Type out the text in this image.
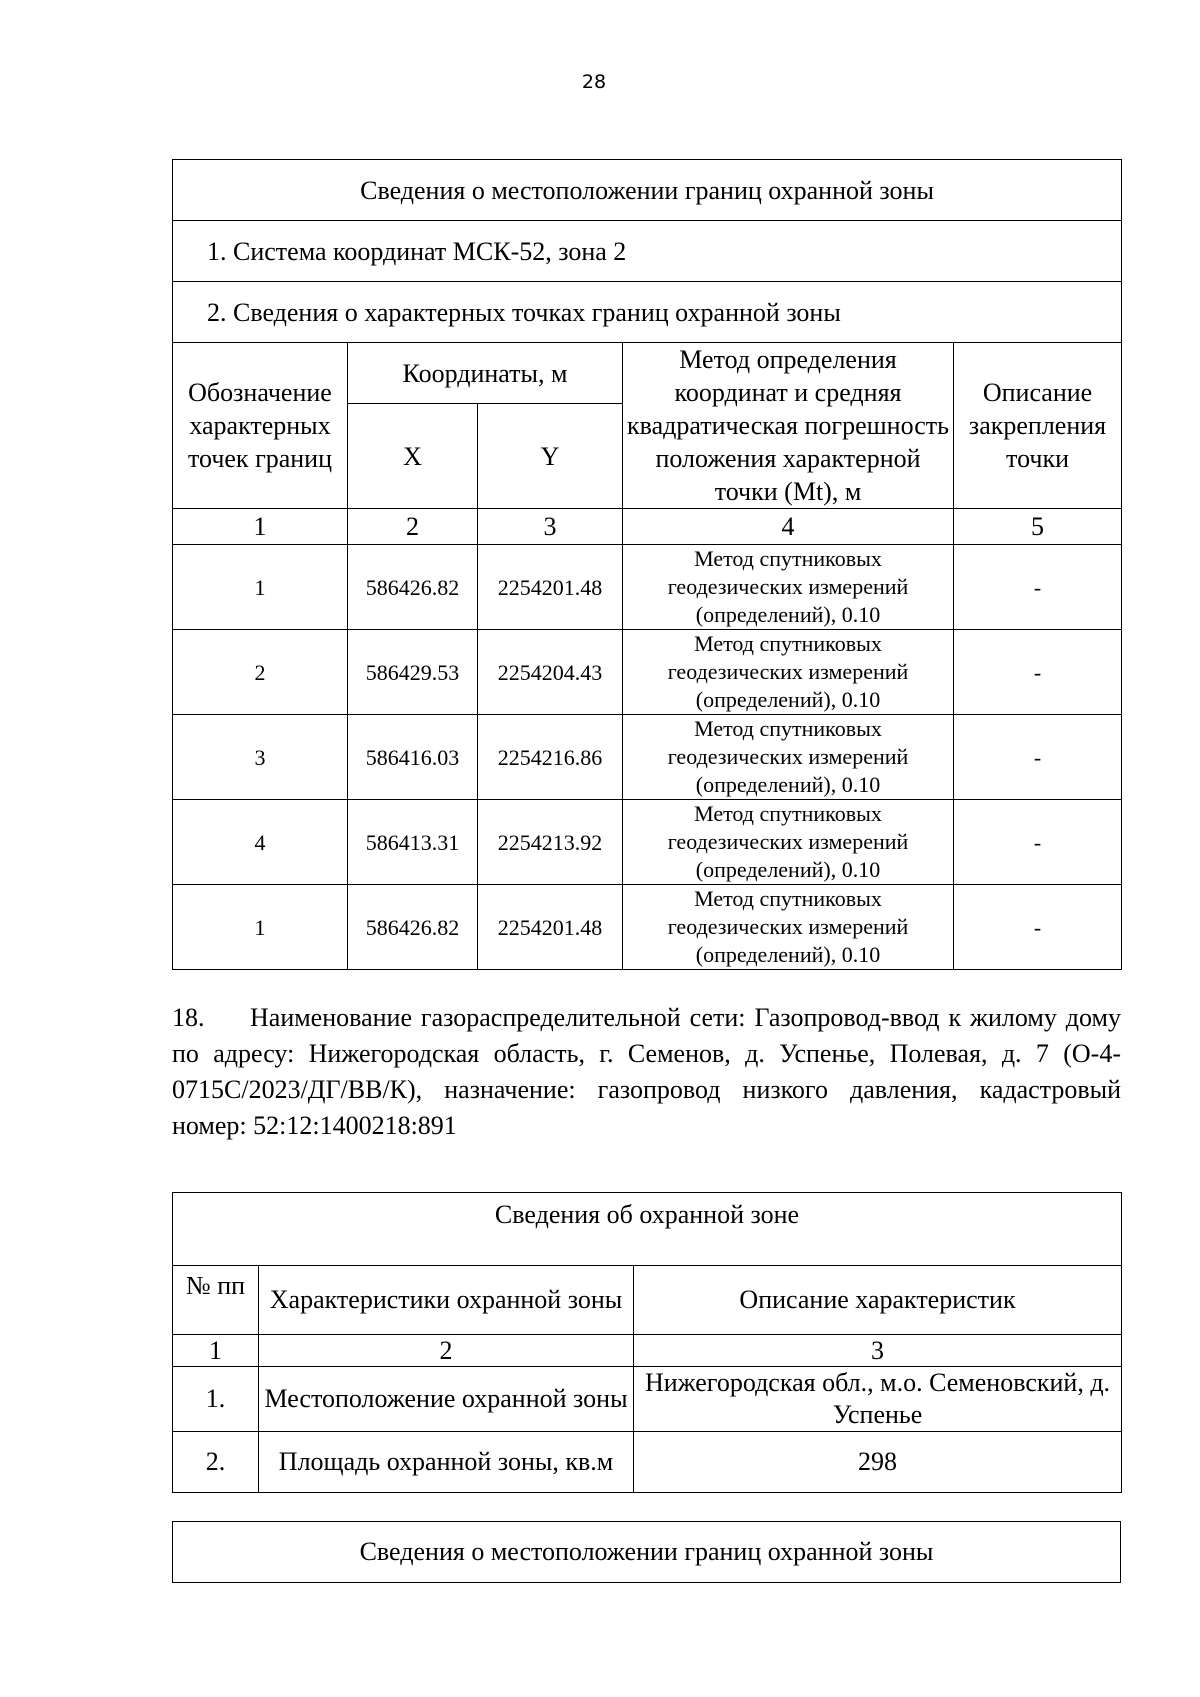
28
Сведения о местоположении границ охранной зоны				
1. Система координат МСК-52, зона 2				
2. Сведения о характерных точках границ охранной зоны				
Обозначение характерных точек границ	Координаты, м		Метод определения координат и средняя квадратическая погрешность положения характерной точки (Mt), м	Описание закрепления точки
	X	Y		
1	2	3	4	5
1	586426.82	2254201.48	Метод спутниковых геодезических измерений (определений), 0.10	-
2	586429.53	2254204.43	Метод спутниковых геодезических измерений (определений), 0.10	-
3	586416.03	2254216.86	Метод спутниковых геодезических измерений (определений), 0.10	-
4	586413.31	2254213.92	Метод спутниковых геодезических измерений (определений), 0.10	-
1	586426.82	2254201.48	Метод спутниковых геодезических измерений (определений), 0.10	-
18. Наименование газораспределительной сети: Газопровод-ввод к жилому дому по адресу: Нижегородская область, г. Семенов, д. Успенье, Полевая, д. 7 (О-4-0715С/2023/ДГ/ВВ/К), назначение: газопровод низкого давления, кадастровый номер: 52:12:1400218:891
Сведения об охранной зоне		
№ пп	Характеристики охранной зоны	Описание характеристик
1	2	3
1.	Местоположение охранной зоны	Нижегородская обл., м.о. Семеновский, д. Успенье
2.	Площадь охранной зоны, кв.м	298
Сведения о местоположении границ охранной зоны
